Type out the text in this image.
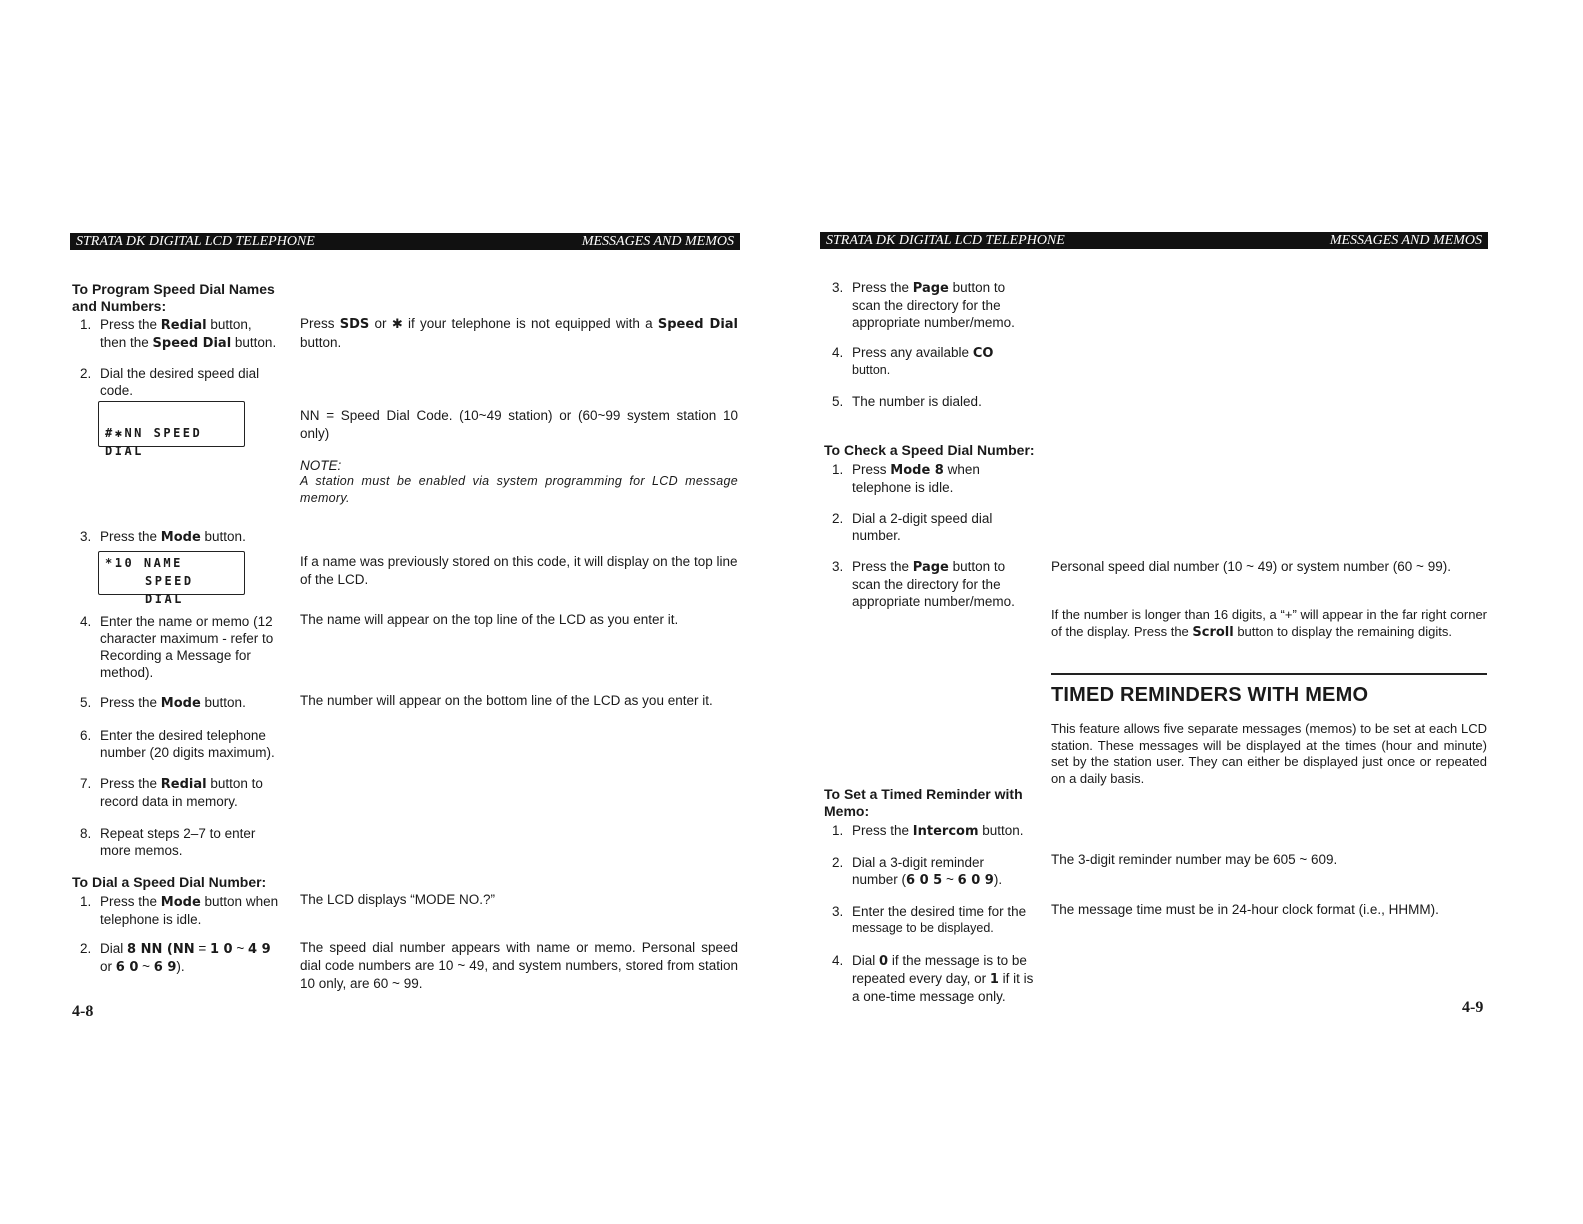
STRATA DK DIGITAL LCD TELEPHONE	MESSAGES AND MEMOS
To Program Speed Dial Names
and Numbers:
1. Press the Redial button,
then the Speed Dial button.
Press SDS or ✱ if your telephone is not equipped with a Speed Dial
button.
2. Dial the desired speed dial
code.
#✱NN SPEED DIAL
NN = Speed Dial Code. (10~49 station) or (60~99 system station 10 only)
NOTE:
A station must be enabled via system programming for LCD message memory.
3. Press the Mode button.
*10 NAME
SPEED DIAL
If a name was previously stored on this code, it will display on the top line of the LCD.
4. Enter the name or memo (12
character maximum - refer to
Recording a Message for
method).
The name will appear on the top line of the LCD as you enter it.
5. Press the Mode button.	The number will appear on the bottom line of the LCD as you enter it.
6. Enter the desired telephone
number (20 digits maximum).
7. Press the Redial button to
record data in memory.
8. Repeat steps 2–7 to enter
more memos.
To Dial a Speed Dial Number:
1. Press the Mode button when
telephone is idle.
The LCD displays “MODE NO.?”
2. Dial 8 NN (NN = 1 0 ~ 4 9
or 6 0 ~ 6 9).
The speed dial number appears with name or memo. Personal speed dial code numbers are 10 ~ 49, and system numbers, stored from station 10 only, are 60 ~ 99.
4-8
STRATA DK DIGITAL LCD TELEPHONE	MESSAGES AND MEMOS
3. Press the Page button to
scan the directory for the
appropriate number/memo.
4. Press any available CO
button.
5. The number is dialed.
To Check a Speed Dial Number:
1. Press Mode 8 when
telephone is idle.
2. Dial a 2-digit speed dial
number.
3. Press the Page button to
scan the directory for the
appropriate number/memo.
Personal speed dial number (10 ~ 49) or system number (60 ~ 99).
If the number is longer than 16 digits, a “+” will appear in the far right corner of the display. Press the Scroll button to display the remaining digits.
TIMED REMINDERS WITH MEMO
This feature allows five separate messages (memos) to be set at each LCD station. These messages will be displayed at the times (hour and minute) set by the station user. They can either be displayed just once or repeated on a daily basis.
To Set a Timed Reminder with
Memo:
1. Press the Intercom button.
2. Dial a 3-digit reminder
number (6 0 5 ~ 6 0 9).
The 3-digit reminder number may be 605 ~ 609.
3. Enter the desired time for the
message to be displayed.
The message time must be in 24-hour clock format (i.e., HHMM).
4. Dial 0 if the message is to be
repeated every day, or 1 if it is
a one-time message only.
4-9
